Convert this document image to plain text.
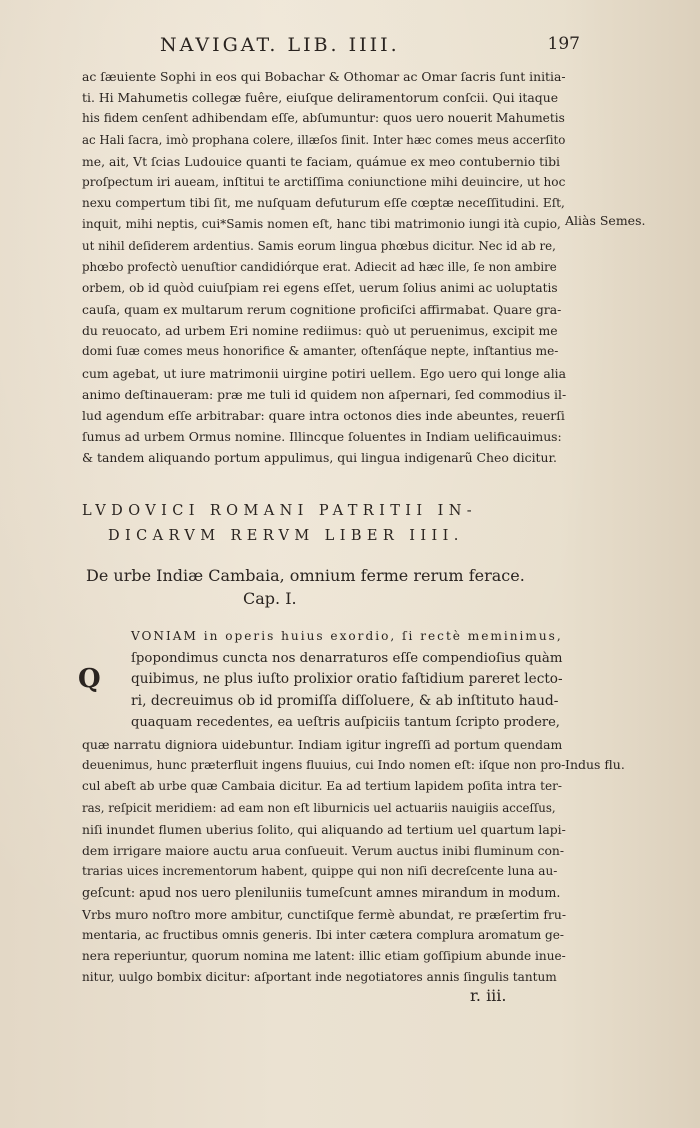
NAVIGAT. LIB. IIII.	197
ac ſæuiente Sophi in eos qui Bobachar & Othomar ac Omar ſacris ſunt initia-
ti. Hi Mahumetis collegæ fuêre, eiuſque deliramentorum conſcii. Qui itaque
his fidem cenſent adhibendam eſſe, abſumuntur: quos uero nouerit Mahumetis
ac Hali ſacra, imò prophana colere, illæſos ſinit. Inter hæc comes meus accerſito
me, ait, Vt ſcias Ludouice quanti te faciam, quámue ex meo contubernio tibi
proſpectum iri aueam, inſtitui te arctiſſima coniunctione mihi deuincire, ut hoc
nexu compertum tibi ſit, me nuſquam defuturum eſſe cœptæ neceſſitudini. Eſt,
inquit, mihi neptis, cui*Samis nomen eſt, hanc tibi matrimonio iungi ità cupio,
ut nihil deſiderem ardentius. Samis eorum lingua phœbus dicitur. Nec id ab re,
phœbo profectò uenuſtior candidiórque erat. Adiecit ad hæc ille, ſe non ambire
orbem, ob id quòd cuiuſpiam rei egens eſſet, uerum ſolius animi ac uoluptatis
cauſa, quam ex multarum rerum cognitione proficiſci affirmabat. Quare gra-
du reuocato, ad urbem Eri nomine rediimus: quò ut peruenimus, excipit me
domi ſuæ comes meus honorifice & amanter, oſtenſáque nepte, inſtantius me-
cum agebat, ut iure matrimonii uirgine potiri uellem. Ego uero qui longe alia
animo deſtinaueram: præ me tuli id quidem non aſpernari, ſed commodius il-
lud agendum eſſe arbitrabar: quare intra octonos dies inde abeuntes, reuerſi
ſumus ad urbem Ormus nomine. Illincque ſoluentes in Indiam uelificauimus:
& tandem aliquando portum appulimus, qui lingua indigenarũ Cheo dicitur.
Aliàs Semes.
LVDOVICI ROMANI PATRITII IN-
DICARVM RERVM LIBER IIII.
De urbe Indiæ Cambaia, omnium ferme rerum ferace.
Cap. I.
Q
VONIAM in operis huius exordio, ſi rectè meminimus,
ſpopondimus cuncta nos denarraturos eſſe compendioſius quàm
quibimus, ne plus iuſto prolixior oratio faſtidium pareret lecto-
ri, decreuimus ob id promiſſa diſſoluere, & ab inſtituto haud-
quaquam recedentes, ea ueſtris auſpiciis tantum ſcripto prodere,
quæ narratu digniora uidebuntur. Indiam igitur ingreſſi ad portum quendam
deuenimus, hunc præterfluit ingens fluuius, cui Indo nomen eſt: iſque non pro-
cul abeſt ab urbe quæ Cambaia dicitur. Ea ad tertium lapidem poſita intra ter-
ras, reſpicit meridiem: ad eam non eſt liburnicis uel actuariis nauigiis acceſſus,
niſi inundet flumen uberius ſolito, qui aliquando ad tertium uel quartum lapi-
dem irrigare maiore auctu arua conſueuit. Verum auctus inibi fluminum con-
trarias uices incrementorum habent, quippe qui non niſi decreſcente luna au-
geſcunt: apud nos uero pleniluniis tumeſcunt amnes mirandum in modum.
Vrbs muro noſtro more ambitur, cunctiſque fermè abundat, re præſertim fru-
mentaria, ac fructibus omnis generis. Ibi inter cætera complura aromatum ge-
nera reperiuntur, quorum nomina me latent: illic etiam goſſipium abunde inue-
nitur, uulgo bombix dicitur: aſportant inde negotiatores annis ſingulis tantum
Indus flu.
r. iii.
